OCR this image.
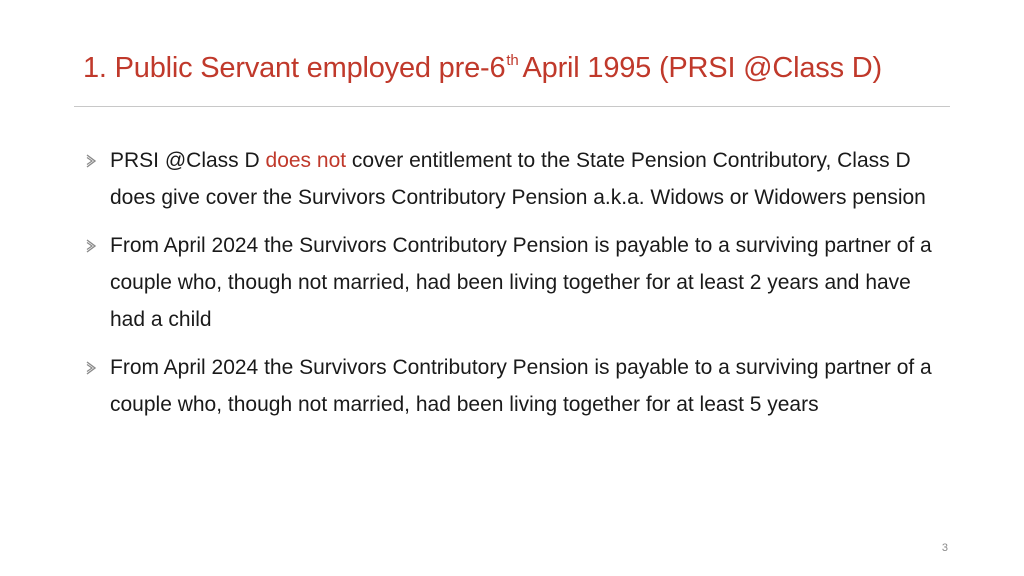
1. Public Servant employed pre-6th April 1995 (PRSI @Class D)
PRSI @Class D does not cover entitlement to the State Pension Contributory, Class D does give cover the Survivors Contributory Pension a.k.a. Widows or Widowers pension
From April 2024 the Survivors Contributory Pension is payable to a surviving partner of a couple who, though not married, had been living together for at least 2 years and have had a child
From April 2024 the Survivors Contributory Pension is payable to a surviving partner of a couple who, though not married, had been living together for at least 5 years
3
